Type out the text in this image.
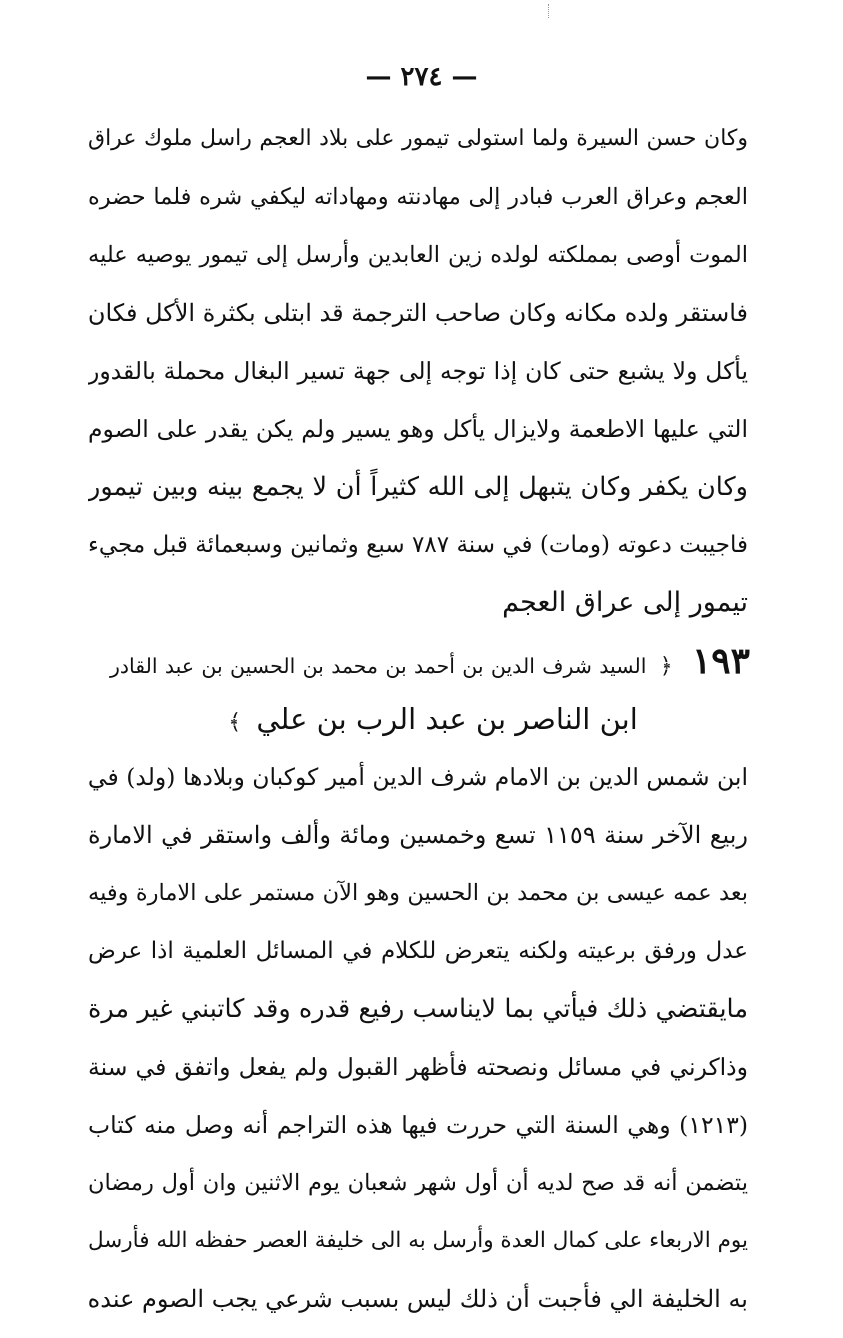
— ٢٧٤ —
وكان حسن السيرة ولما استولى تيمور على بلاد العجم راسل ملوك عراق
العجم وعراق العرب فبادر إلى مهادنته ومهاداته ليكفي شره فلما حضره
الموت أوصى بمملكته لولده زين العابدين وأرسل إلى تيمور يوصيه عليه
فاستقر ولده مكانه وكان صاحب الترجمة قد ابتلى بكثرة الأكل فكان
يأكل ولا يشبع حتى كان إذا توجه إلى جهة تسير البغال محملة بالقدور
التي عليها الاطعمة ولايزال يأكل وهو يسير ولم يكن يقدر على الصوم
وكان يكفر وكان يتبهل إلى الله كثيراً أن لا يجمع بينه وبين تيمور
فاجيبت دعوته (ومات) في سنة ٧٨٧ سبع وثمانين وسبعمائة قبل مجيء
تيمور إلى عراق العجم
١٩٣ ﴿ السيد شرف الدين بن أحمد بن محمد بن الحسين بن عبد القادر
ابن الناصر بن عبد الرب بن علي ﴾
ابن شمس الدين بن الامام شرف الدين أمير كوكبان وبلادها (ولد) في
ربيع الآخر سنة ١١٥٩ تسع وخمسين ومائة وألف واستقر في الامارة
بعد عمه عيسى بن محمد بن الحسين وهو الآن مستمر على الامارة وفيه
عدل ورفق برعيته ولكنه يتعرض للكلام في المسائل العلمية اذا عرض
مايقتضي ذلك فيأتي بما لايناسب رفيع قدره وقد كاتبني غير مرة
وذاكرني في مسائل ونصحته فأظهر القبول ولم يفعل واتفق في سنة
(١٢١٣) وهي السنة التي حررت فيها هذه التراجم أنه وصل منه كتاب
يتضمن أنه قد صح لديه أن أول شهر شعبان يوم الاثنين وان أول رمضان
يوم الاربعاء على كمال العدة وأرسل به الى خليفة العصر حفظه الله فأرسل
به الخليفة الي فأجبت أن ذلك ليس بسبب شرعي يجب الصوم عنده
